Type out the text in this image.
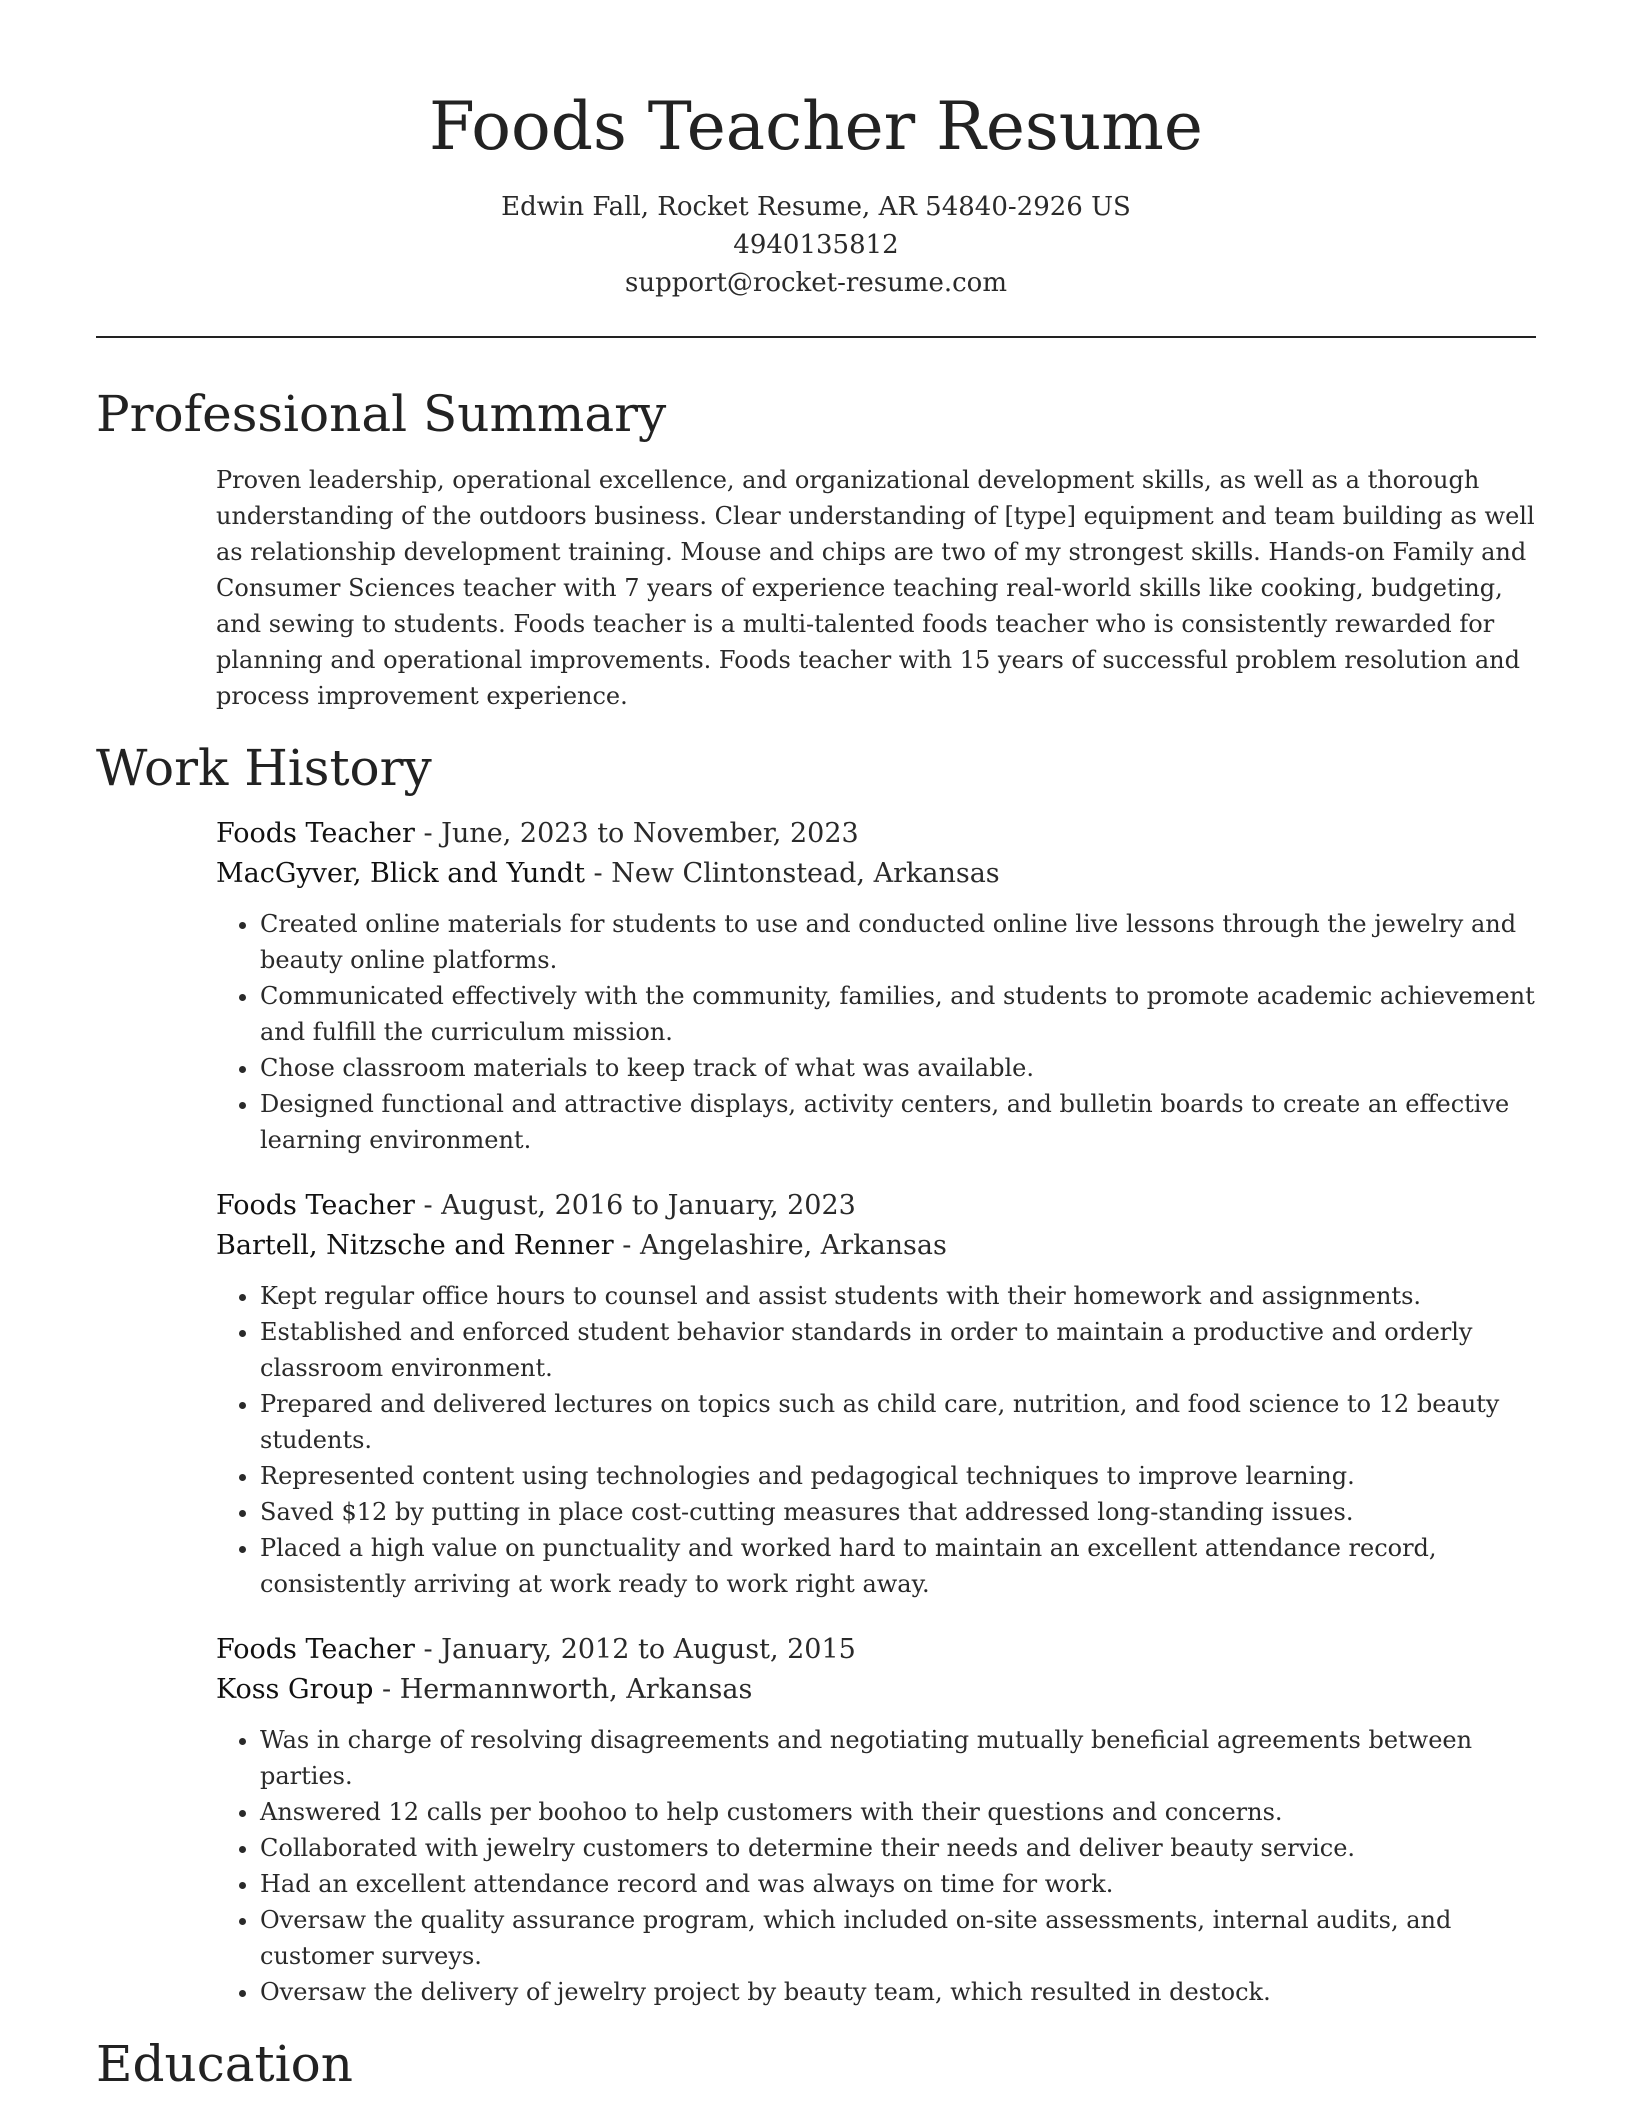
Foods Teacher Resume
Edwin Fall, Rocket Resume, AR 54840-2926 US
4940135812
support@rocket-resume.com
Professional Summary

Proven leadership, operational excellence, and organizational development skills, as well as a thorough understanding of the outdoors business. Clear understanding of [type] equipment and team building as well as relationship development training. Mouse and chips are two of my strongest skills. Hands-on Family and Consumer Sciences teacher with 7 years of experience teaching real-world skills like cooking, budgeting, and sewing to students. Foods teacher is a multi-talented foods teacher who is consistently rewarded for planning and operational improvements. Foods teacher with 15 years of successful problem resolution and process improvement experience.

Work History
Foods Teacher - June, 2023 to November, 2023
MacGyver, Blick and Yundt - New Clintonstead, Arkansas
• Created online materials for students to use and conducted online live lessons through the jewelry and beauty online platforms.
• Communicated effectively with the community, families, and students to promote academic achievement and fulfill the curriculum mission.
• Chose classroom materials to keep track of what was available.
• Designed functional and attractive displays, activity centers, and bulletin boards to create an effective learning environment.
Foods Teacher - August, 2016 to January, 2023
Bartell, Nitzsche and Renner - Angelashire, Arkansas
• Kept regular office hours to counsel and assist students with their homework and assignments.
• Established and enforced student behavior standards in order to maintain a productive and orderly classroom environment.
• Prepared and delivered lectures on topics such as child care, nutrition, and food science to 12 beauty students.
• Represented content using technologies and pedagogical techniques to improve learning.
• Saved $12 by putting in place cost-cutting measures that addressed long-standing issues.
• Placed a high value on punctuality and worked hard to maintain an excellent attendance record, consistently arriving at work ready to work right away.
Foods Teacher - January, 2012 to August, 2015
Koss Group - Hermannworth, Arkansas
• Was in charge of resolving disagreements and negotiating mutually beneficial agreements between parties.
• Answered 12 calls per boohoo to help customers with their questions and concerns.
• Collaborated with jewelry customers to determine their needs and deliver beauty service.
• Had an excellent attendance record and was always on time for work.
• Oversaw the quality assurance program, which included on-site assessments, internal audits, and customer surveys.
• Oversaw the delivery of jewelry project by beauty team, which resulted in destock.
Education
